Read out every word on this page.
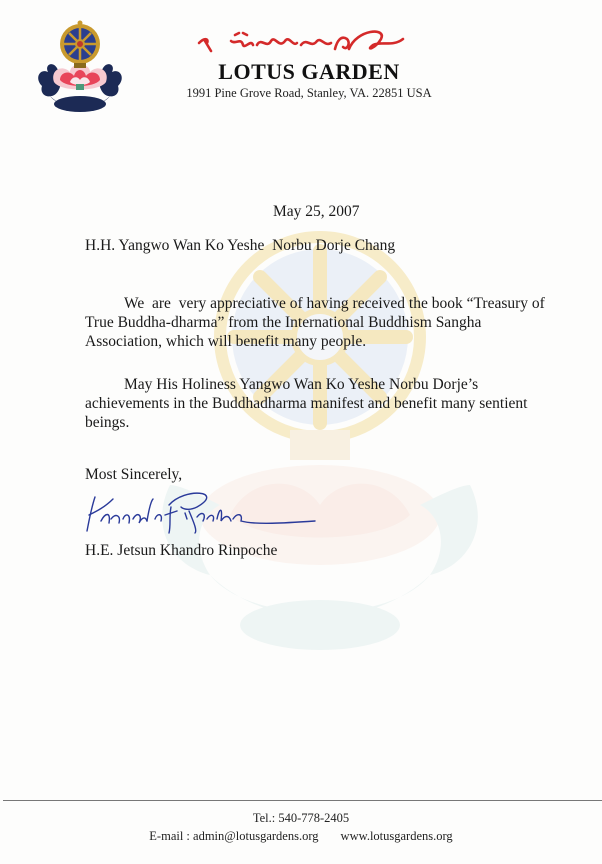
LOTUS GARDEN
1991 Pine Grove Road, Stanley, VA. 22851 USA
May 25, 2007
H.H. Yangwo Wan Ko Yeshe  Norbu Dorje Chang
We  are  very appreciative of having received the book “Treasury of True Buddha-dharma” from the International Buddhism Sangha Association, which will benefit many people.
May His Holiness Yangwo Wan Ko Yeshe Norbu Dorje’s achievements in the Buddhadharma manifest and benefit many sentient beings.
Most Sincerely,
H.E. Jetsun Khandro Rinpoche
Tel.: 540-778-2405
E-mail : admin@lotusgardens.org www.lotusgardens.org
